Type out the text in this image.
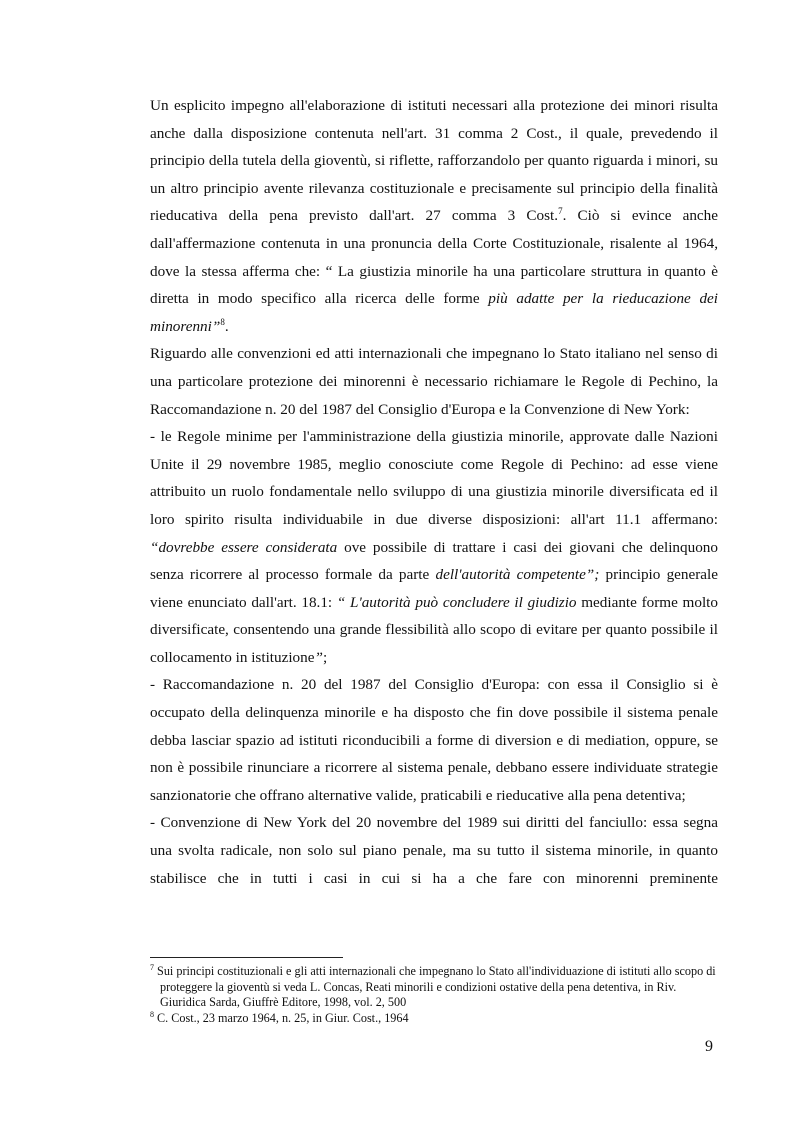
Un esplicito impegno all'elaborazione di istituti necessari alla protezione dei minori risulta anche dalla disposizione contenuta nell'art. 31 comma 2 Cost., il quale, prevedendo il principio della tutela della gioventù, si riflette, rafforzandolo per quanto riguarda i minori, su un altro principio avente rilevanza costituzionale e precisamente sul principio della finalità rieducativa della pena previsto dall'art. 27 comma 3 Cost.$^7$. Ciò si evince anche dall'affermazione contenuta in una pronuncia della Corte Costituzionale, risalente al 1964, dove la stessa afferma che: “ La giustizia minorile ha una particolare struttura in quanto è diretta in modo specifico alla ricerca delle forme più adatte per la rieducazione dei minorenni”$^8$.

Riguardo alle convenzioni ed atti internazionali che impegnano lo Stato italiano nel senso di una particolare protezione dei minorenni è necessario richiamare le Regole di Pechino, la Raccomandazione n. 20 del 1987 del Consiglio d'Europa e la Convenzione di New York:

- le Regole minime per l'amministrazione della giustizia minorile, approvate dalle Nazioni Unite il 29 novembre 1985, meglio conosciute come Regole di Pechino: ad esse viene attribuito un ruolo fondamentale nello sviluppo di una giustizia minorile diversificata ed il loro spirito risulta individuabile in due diverse disposizioni: all'art 11.1 affermano: “dovrebbe essere considerata ove possibile di trattare i casi dei giovani che delinquono senza ricorrere al processo formale da parte dell'autorità competente”; principio generale viene enunciato dall'art. 18.1: “ L'autorità può concludere il giudizio mediante forme molto diversificate, consentendo una grande flessibilità allo scopo di evitare per quanto possibile il collocamento in istituzione”;

- Raccomandazione n. 20 del 1987 del Consiglio d'Europa: con essa il Consiglio si è occupato della delinquenza minorile e ha disposto che fin dove possibile il sistema penale debba lasciar spazio ad istituti riconducibili a forme di diversion e di mediation, oppure, se non è possibile rinunciare a ricorrere al sistema penale, debbano essere individuate strategie sanzionatorie che offrano alternative valide, praticabili e rieducative alla pena detentiva;

- Convenzione di New York del 20 novembre del 1989 sui diritti del fanciullo: essa segna una svolta radicale, non solo sul piano penale, ma su tutto il sistema minorile, in quanto stabilisce che in tutti i casi in cui si ha a che fare con minorenni preminente

$^7$ Sui principi costituzionali e gli atti internazionali che impegnano lo Stato all'individuazione di istituti allo scopo di proteggere la gioventù si veda L. Concas, Reati minorili e condizioni ostative della pena detentiva, in Riv. Giuridica Sarda, Giuffrè Editore, 1998, vol. 2, 500

$^8$ C. Cost., 23 marzo 1964, n. 25, in Giur. Cost., 1964

9
